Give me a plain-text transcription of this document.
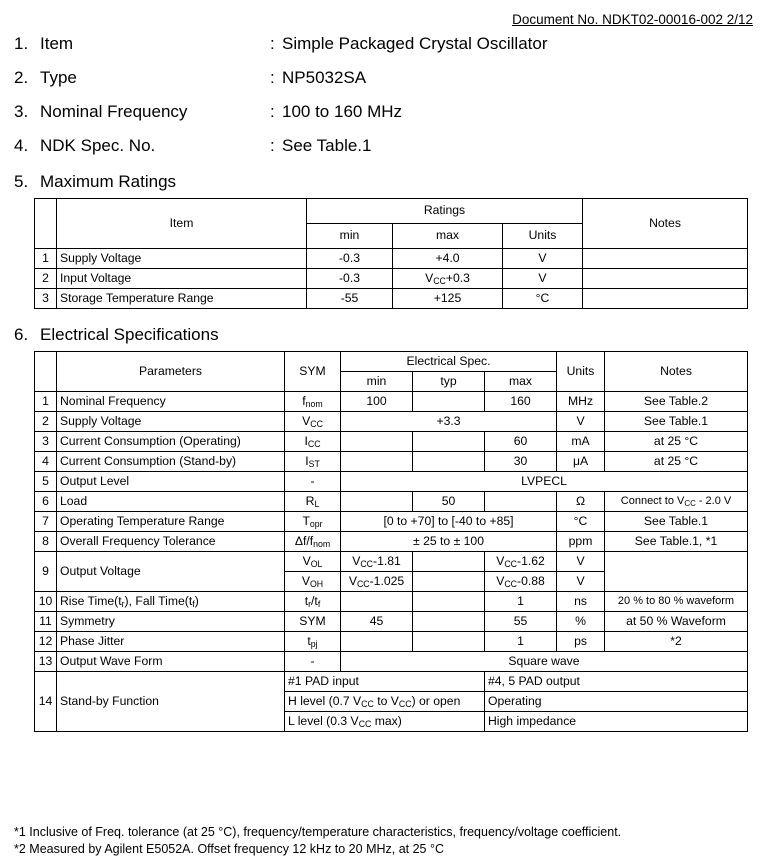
Document No. NDKT02-00016-002 2/12
1. Item	: Simple Packaged Crystal Oscillator
2. Type	: NP5032SA
3. Nominal Frequency	: 100 to 160 MHz
4. NDK Spec. No.	: See Table.1
5. Maximum Ratings
	Item	Ratings			Notes
		min	max	Units	
1	Supply Voltage	-0.3	+4.0	V	
2	Input Voltage	-0.3	$V_{CC}+0.3$	V	
3	Storage Temperature Range	-55	+125	°C	
6. Electrical Specifications
	Parameters	SYM	Electrical Spec.			Units	Notes
			min	typ	max		
1	Nominal Frequency	$f_{nom}$	100		160	MHz	See Table.2
2	Supply Voltage	$V_{CC}$	+3.3			V	See Table.1
3	Current Consumption (Operating)	$I_{CC}$			60	mA	at 25 °C
4	Current Consumption (Stand-by)	$I_{ST}$			30	μA	at 25 °C
5	Output Level	-	LVPECL				
6	Load	$R_L$		50		Ω	Connect to $V_{CC} - 2.0$ V
7	Operating Temperature Range	$T_{opr}$	[0 to +70] to [-40 to +85]			°C	See Table.1
8	Overall Frequency Tolerance	$\Delta f/f_{nom}$	± 25 to ± 100			ppm	See Table.1, *1
9	Output Voltage	$V_{OL}$	$V_{CC}-1.81$		$V_{CC}-1.62$	V	
		$V_{OH}$	$V_{CC}-1.025$		$V_{CC}-0.88$	V	
10	Rise $Time(t_r)$, Fall $Time(t_f)$	$t_r/t_f$			1	ns	20 % to 80 % waveform
11	Symmetry	SYM	45		55	%	at 50 % Waveform
12	Phase Jitter	$t_{pj}$			1	ps	*2
13	Output Wave Form	-	Square wave				
14	Stand-by Function	#1 PAD input			#4, 5 PAD output		
		H level (0.7 $V_{CC}$ to $V_{CC}$) or open			Operating		
		L level (0.3 $V_{CC}$ max)			High impedance		
*1 Inclusive of Freq. tolerance (at 25 °C), frequency/temperature characteristics, frequency/voltage coefficient.
*2 Measured by Agilent E5052A. Offset frequency 12 kHz to 20 MHz, at 25 °C
